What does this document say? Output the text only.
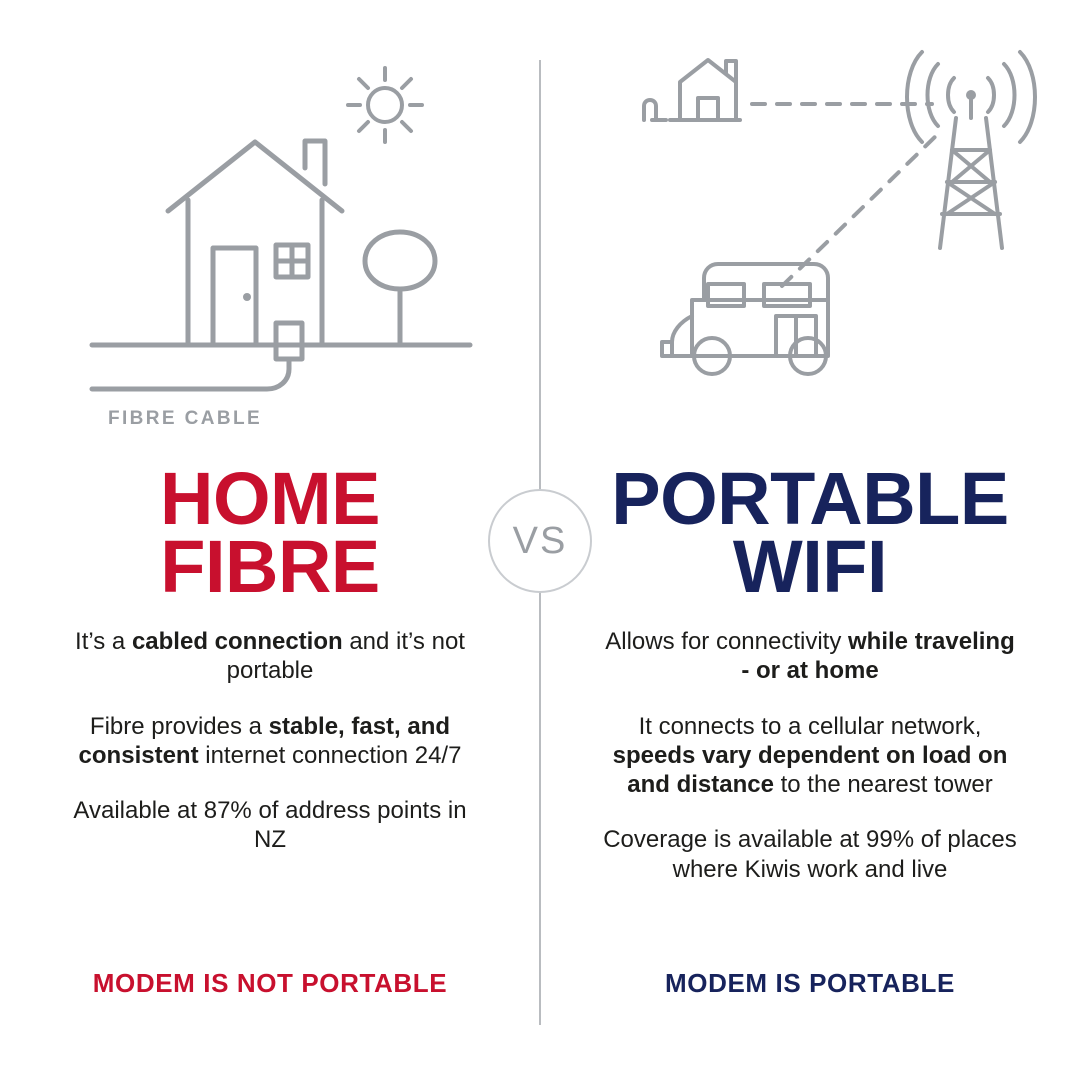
FIBRE CABLE
HOME
FIBRE

It’s a cabled connection and it’s not portable

Fibre provides a stable, fast, and consistent internet connection 24/7

Available at 87% of address points in NZ

MODEM IS NOT PORTABLE
PORTABLE
WIFI

Allows for connectivity while traveling - or at home

It connects to a cellular network, speeds vary dependent on load on and distance to the nearest tower

Coverage is available at 99% of places where Kiwis work and live

MODEM IS PORTABLE
VS
